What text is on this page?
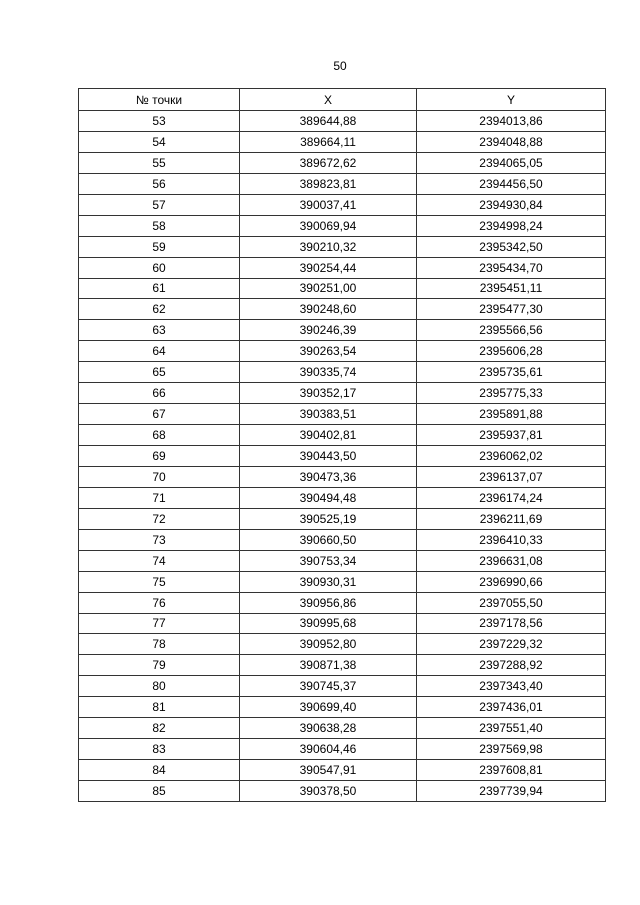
50
№ точки	X	Y
53	389644,88	2394013,86
54	389664,11	2394048,88
55	389672,62	2394065,05
56	389823,81	2394456,50
57	390037,41	2394930,84
58	390069,94	2394998,24
59	390210,32	2395342,50
60	390254,44	2395434,70
61	390251,00	2395451,11
62	390248,60	2395477,30
63	390246,39	2395566,56
64	390263,54	2395606,28
65	390335,74	2395735,61
66	390352,17	2395775,33
67	390383,51	2395891,88
68	390402,81	2395937,81
69	390443,50	2396062,02
70	390473,36	2396137,07
71	390494,48	2396174,24
72	390525,19	2396211,69
73	390660,50	2396410,33
74	390753,34	2396631,08
75	390930,31	2396990,66
76	390956,86	2397055,50
77	390995,68	2397178,56
78	390952,80	2397229,32
79	390871,38	2397288,92
80	390745,37	2397343,40
81	390699,40	2397436,01
82	390638,28	2397551,40
83	390604,46	2397569,98
84	390547,91	2397608,81
85	390378,50	2397739,94
